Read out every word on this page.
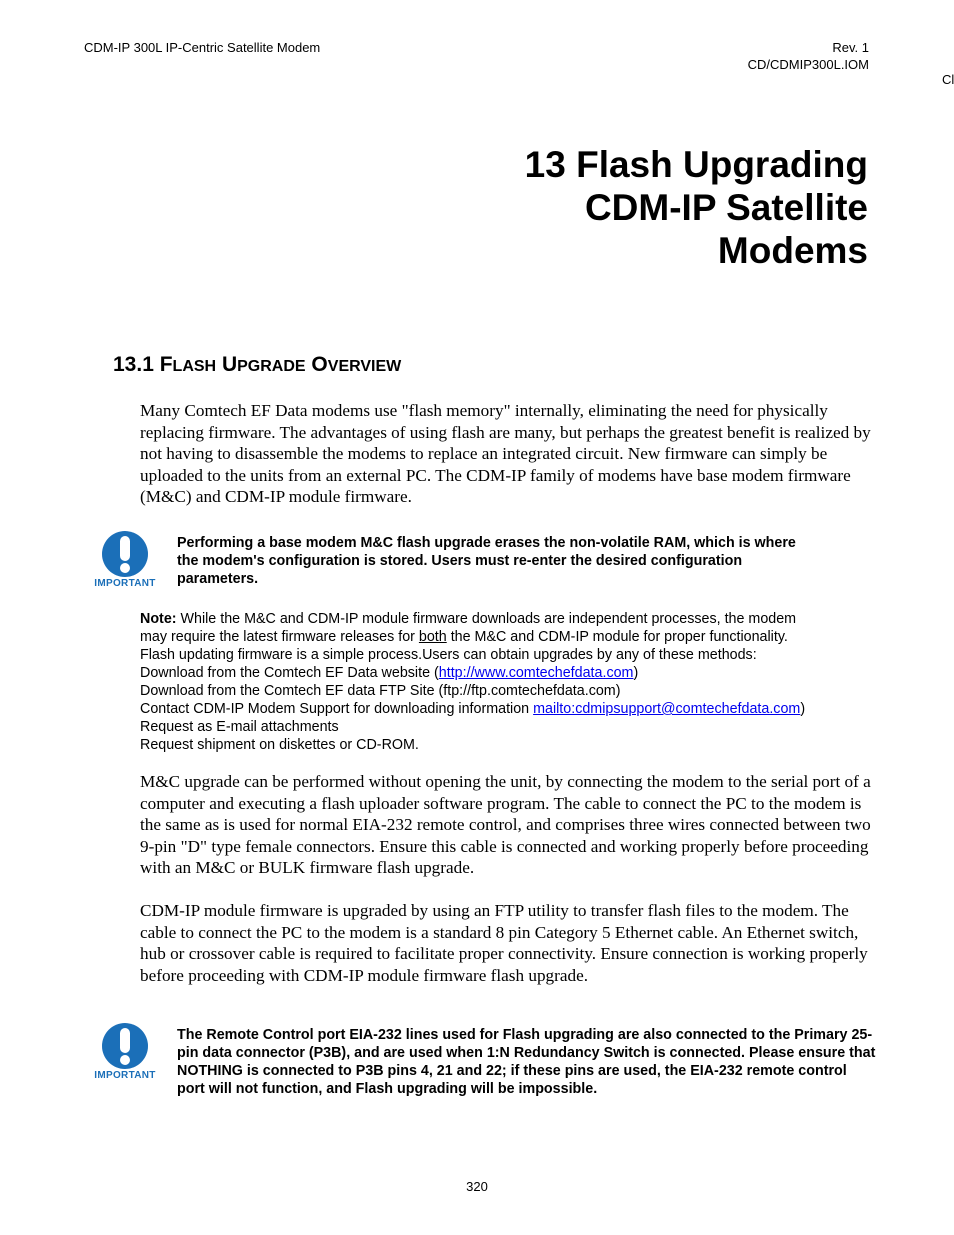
CDM-IP 300L IP-Centric Satellite Modem	Rev. 1
CD/CDMIP300L.IOM
Cl
13 Flash Upgrading
CDM-IP Satellite
Modems
13.1 FLASH UPGRADE OVERVIEW
Many Comtech EF Data modems use "flash memory" internally, eliminating the need for physically replacing firmware. The advantages of using flash are many, but perhaps the greatest benefit is realized by not having to disassemble the modems to replace an integrated circuit. New firmware can simply be uploaded to the units from an external PC. The CDM-IP family of modems have base modem firmware (M&C) and CDM-IP module firmware.
IMPORTANT
Performing a base modem M&C flash upgrade erases the non-volatile RAM, which is where the modem's configuration is stored. Users must re-enter the desired configuration parameters.
Note: While the M&C and CDM-IP module firmware downloads are independent processes, the modem
may require the latest firmware releases for both the M&C and CDM-IP module for proper functionality.
Flash updating firmware is a simple process.Users can obtain upgrades by any of these methods:
Download from the Comtech EF Data website (http://www.comtechefdata.com)
Download from the Comtech EF data FTP Site (ftp://ftp.comtechefdata.com)
Contact CDM-IP Modem Support for downloading information mailto:cdmipsupport@comtechefdata.com)
Request as E-mail attachments
Request shipment on diskettes or CD-ROM.
M&C upgrade can be performed without opening the unit, by connecting the modem to the serial port of a computer and executing a flash uploader software program. The cable to connect the PC to the modem is the same as is used for normal EIA-232 remote control, and comprises three wires connected between two 9-pin "D" type female connectors. Ensure this cable is connected and working properly before proceeding with an M&C or BULK firmware flash upgrade.
CDM-IP module firmware is upgraded by using an FTP utility to transfer flash files to the modem. The cable to connect the PC to the modem is a standard 8 pin Category 5 Ethernet cable. An Ethernet switch, hub or crossover cable is required to facilitate proper connectivity. Ensure connection is working properly before proceeding with CDM-IP module firmware flash upgrade.
IMPORTANT
The Remote Control port EIA-232 lines used for Flash upgrading are also connected to the Primary 25-pin data connector (P3B), and are used when 1:N Redundancy Switch is connected. Please ensure that NOTHING is connected to P3B pins 4, 21 and 22; if these pins are used, the EIA-232 remote control port will not function, and Flash upgrading will be impossible.
320
